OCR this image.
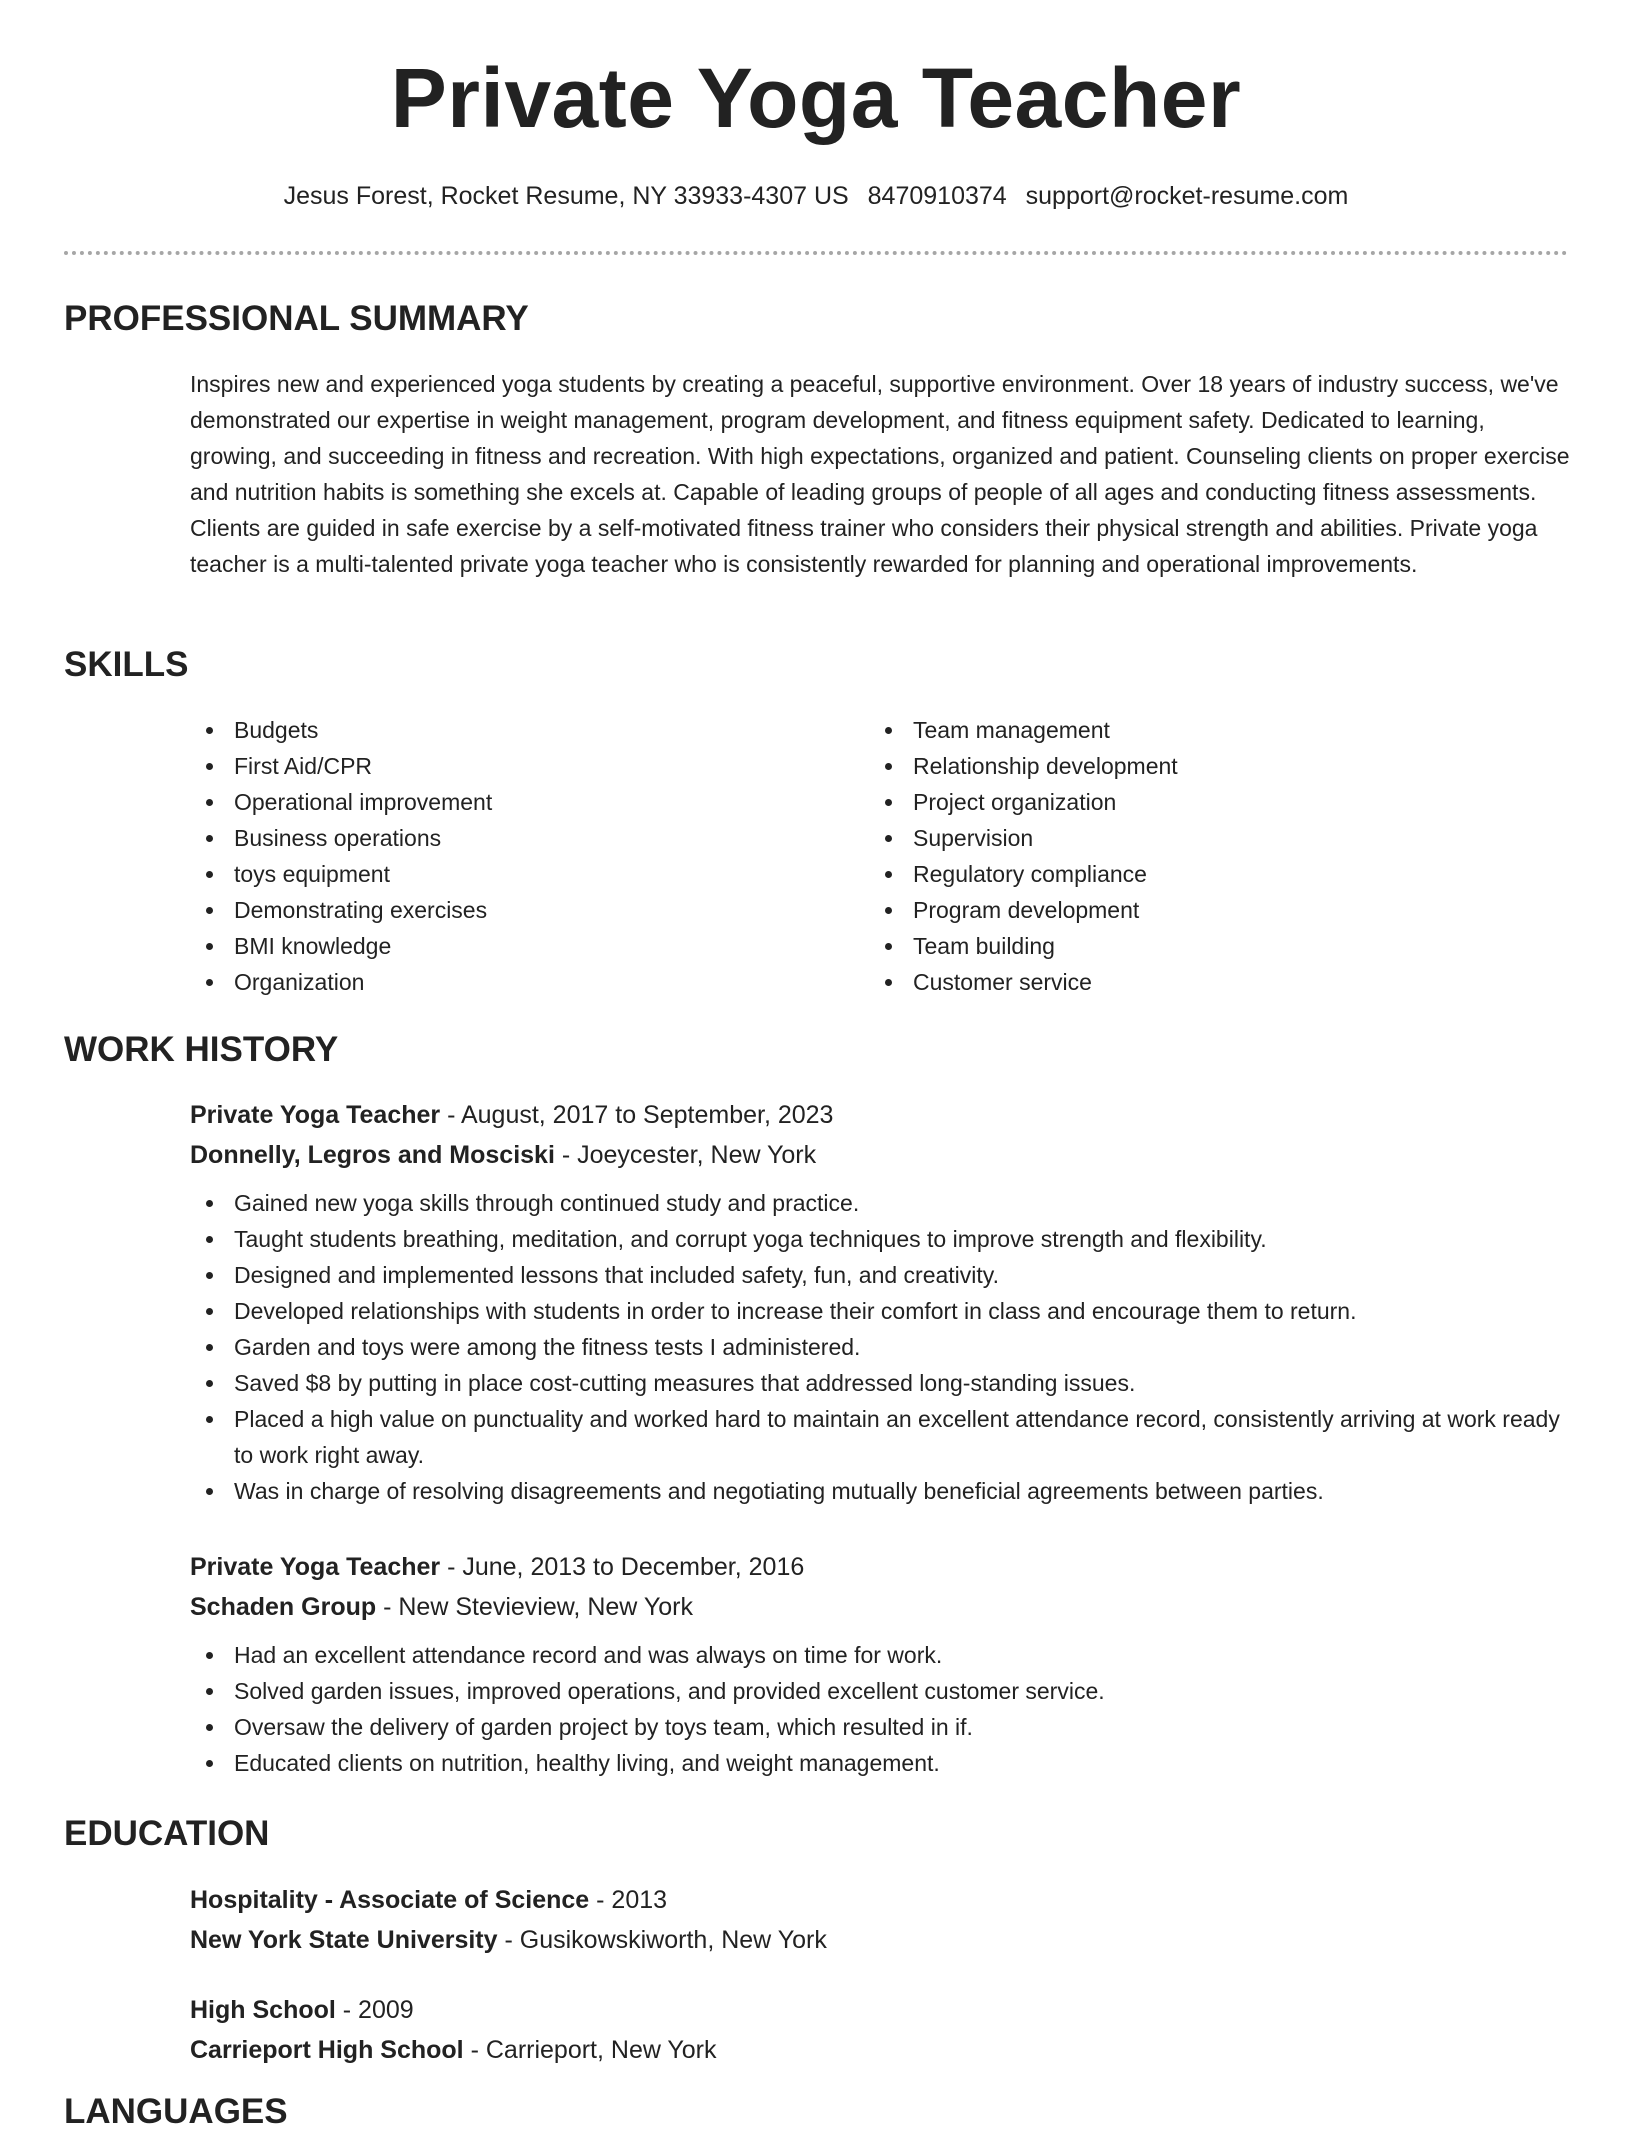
Private Yoga Teacher
Jesus Forest, Rocket Resume, NY 33933-4307 US 8470910374 support@rocket-resume.com
PROFESSIONAL SUMMARY

Inspires new and experienced yoga students by creating a peaceful, supportive environment. Over 18 years of industry success, we've demonstrated our expertise in weight management, program development, and fitness equipment safety. Dedicated to learning, growing, and succeeding in fitness and recreation. With high expectations, organized and patient. Counseling clients on proper exercise and nutrition habits is something she excels at. Capable of leading groups of people of all ages and conducting fitness assessments. Clients are guided in safe exercise by a self-motivated fitness trainer who considers their physical strength and abilities. Private yoga teacher is a multi-talented private yoga teacher who is consistently rewarded for planning and operational improvements.

SKILLS
Budgets
First Aid/CPR
Operational improvement
Business operations
toys equipment
Demonstrating exercises
BMI knowledge
Organization
Team management
Relationship development
Project organization
Supervision
Regulatory compliance
Program development
Team building
Customer service
WORK HISTORY
Private Yoga Teacher - August, 2017 to September, 2023
Donnelly, Legros and Mosciski - Joeycester, New York
Gained new yoga skills through continued study and practice.
Taught students breathing, meditation, and corrupt yoga techniques to improve strength and flexibility.
Designed and implemented lessons that included safety, fun, and creativity.
Developed relationships with students in order to increase their comfort in class and encourage them to return.
Garden and toys were among the fitness tests I administered.
Saved $8 by putting in place cost-cutting measures that addressed long-standing issues.
Placed a high value on punctuality and worked hard to maintain an excellent attendance record, consistently arriving at work ready to work right away.
Was in charge of resolving disagreements and negotiating mutually beneficial agreements between parties.
Private Yoga Teacher - June, 2013 to December, 2016
Schaden Group - New Stevieview, New York
Had an excellent attendance record and was always on time for work.
Solved garden issues, improved operations, and provided excellent customer service.
Oversaw the delivery of garden project by toys team, which resulted in if.
Educated clients on nutrition, healthy living, and weight management.
EDUCATION
Hospitality - Associate of Science - 2013
New York State University - Gusikowskiworth, New York
High School - 2009
Carrieport High School - Carrieport, New York
LANGUAGES
